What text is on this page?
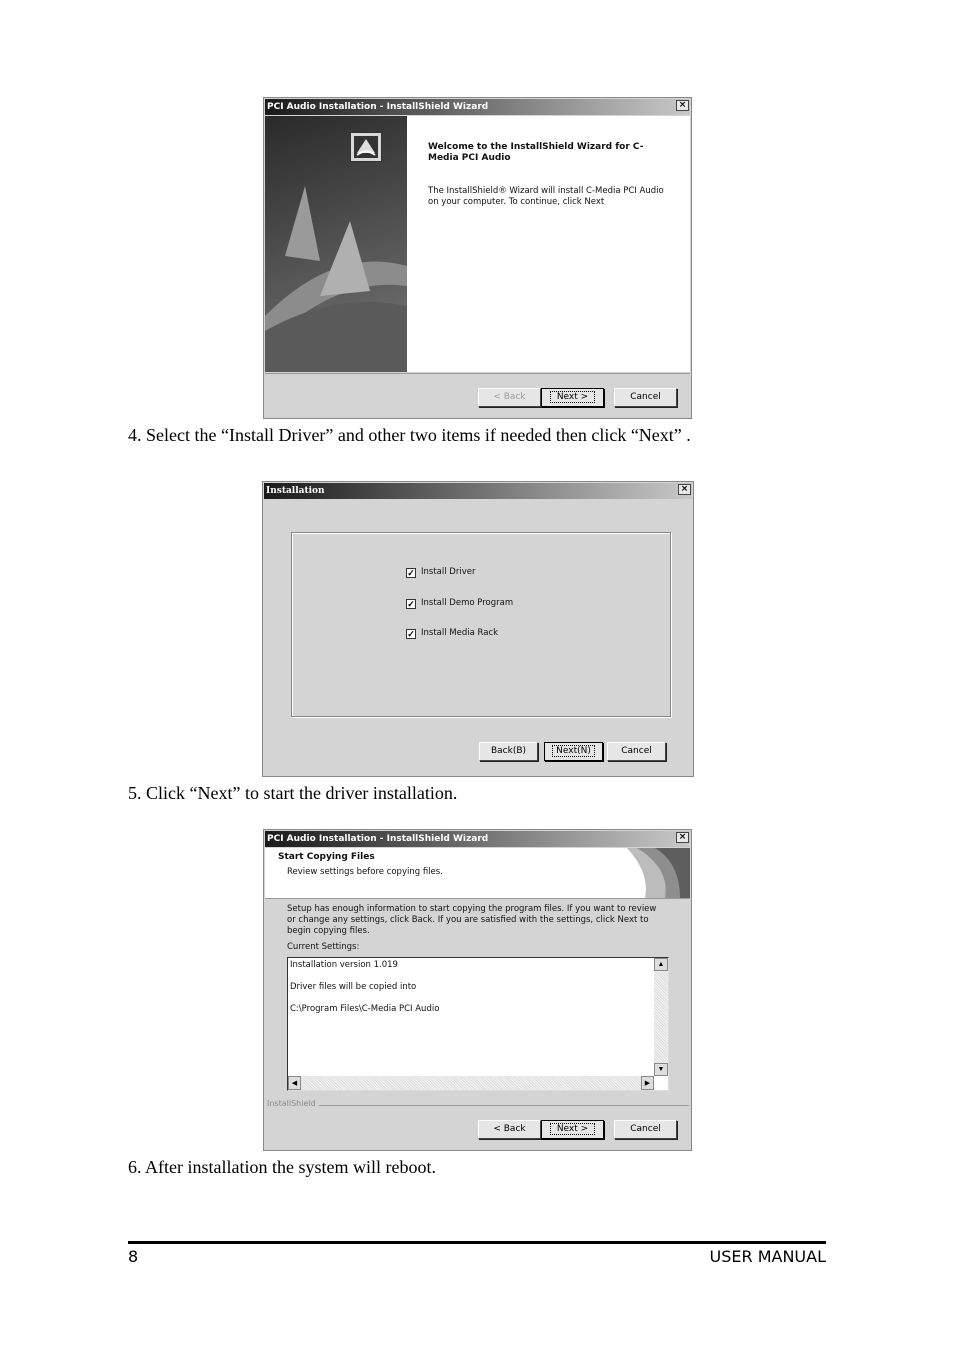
PCI Audio Installation - InstallShield Wizard	×
Welcome to the InstallShield Wizard for C-Media PCI Audio
The InstallShield® Wizard will install C-Media PCI Audio on your computer. To continue, click Next
< Back	Next >	Cancel
4. Select the “Install Driver” and other two items if needed then click “Next” .
Installation	×
✓ Install Driver
✓ Install Demo Program
✓ Install Media Rack
Back(B)	Next(N)	Cancel
5. Click “Next” to start the driver installation.
PCI Audio Installation - InstallShield Wizard	×
Start Copying Files
Review settings before copying files.
Setup has enough information to start copying the program files. If you want to review or change any settings, click Back. If you are satisfied with the settings, click Next to begin copying files.
Current Settings:
Installation version 1.019
Driver files will be copied into
C:\Program Files\C-Media PCI Audio
▲
▼
◀	▶
InstallShield
< Back	Next >	Cancel
6. After installation the system will reboot.
8	USER MANUAL
